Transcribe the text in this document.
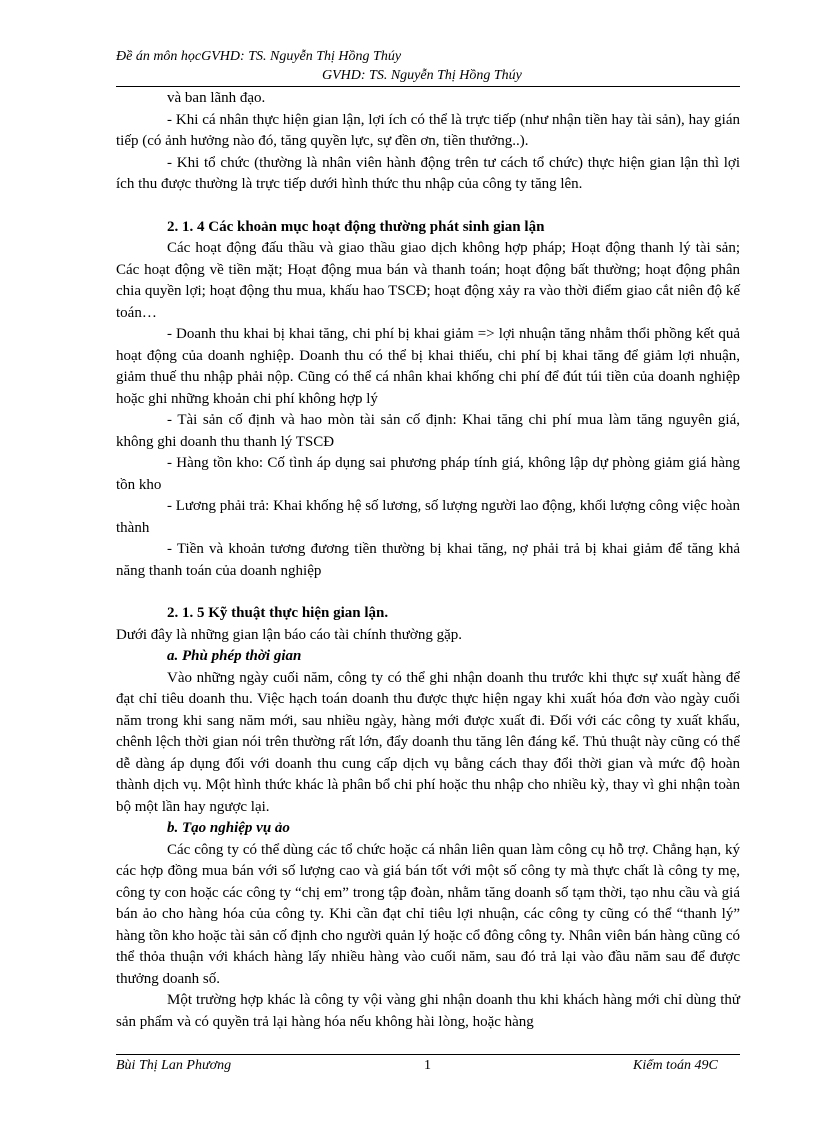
Đề án môn họcGVHD: TS. Nguyễn Thị Hồng Thúy
GVHD: TS. Nguyễn Thị Hồng Thúy

và ban lãnh đạo.

- Khi cá nhân thực hiện gian lận, lợi ích có thể là trực tiếp (như nhận tiền hay tài sản), hay gián tiếp (có ảnh hưởng nào đó, tăng quyền lực, sự đền ơn, tiền thưởng..).

- Khi tổ chức (thường là nhân viên hành động trên tư cách tổ chức) thực hiện gian lận thì lợi ích thu được thường là trực tiếp dưới hình thức thu nhập của công ty tăng lên.

2. 1. 4 Các khoản mục hoạt động thường phát sinh gian lận

Các hoạt động đấu thầu và giao thầu giao dịch không hợp pháp; Hoạt động thanh lý tài sản; Các hoạt động về tiền mặt; Hoạt động mua bán và thanh toán; hoạt động bất thường; hoạt động phân chia quyền lợi; hoạt động thu mua, khấu hao TSCĐ; hoạt động xảy ra vào thời điểm giao cắt niên độ kế toán…

- Doanh thu khai bị khai tăng, chi phí bị khai giảm => lợi nhuận tăng nhằm thổi phồng kết quả hoạt động của doanh nghiệp. Doanh thu có thể bị khai thiếu, chi phí bị khai tăng để giảm lợi nhuận, giảm thuế thu nhập phải nộp. Cũng có thể cá nhân khai khống chi phí để đút túi tiền của doanh nghiệp hoặc ghi những khoản chi phí không hợp lý

- Tài sản cố định và hao mòn tài sản cố định: Khai tăng chi phí mua làm tăng nguyên giá, không ghi doanh thu thanh lý TSCĐ

- Hàng tồn kho: Cố tình áp dụng sai phương pháp tính giá, không lập dự phòng giảm giá hàng tồn kho

- Lương phải trả: Khai khống hệ số lương, số lượng người lao động, khối lượng công việc hoàn thành

- Tiền và khoản tương đương tiền thường bị khai tăng, nợ phải trả bị khai giảm để tăng khả năng thanh toán của doanh nghiệp

2. 1. 5 Kỹ thuật thực hiện gian lận.

Dưới đây là những gian lận báo cáo tài chính thường gặp.

a. Phù phép thời gian

Vào những ngày cuối năm, công ty có thể ghi nhận doanh thu trước khi thực sự xuất hàng để đạt chỉ tiêu doanh thu. Việc hạch toán doanh thu được thực hiện ngay khi xuất hóa đơn vào ngày cuối năm trong khi sang năm mới, sau nhiều ngày, hàng mới được xuất đi. Đối với các công ty xuất khẩu, chênh lệch thời gian nói trên thường rất lớn, đẩy doanh thu tăng lên đáng kể. Thủ thuật này cũng có thể dễ dàng áp dụng đối với doanh thu cung cấp dịch vụ bằng cách thay đổi thời gian và mức độ hoàn thành dịch vụ. Một hình thức khác là phân bổ chi phí hoặc thu nhập cho nhiều kỳ, thay vì ghi nhận toàn bộ một lần hay ngược lại.

b. Tạo nghiệp vụ ảo

Các công ty có thể dùng các tổ chức hoặc cá nhân liên quan làm công cụ hỗ trợ. Chẳng hạn, ký các hợp đồng mua bán với số lượng cao và giá bán tốt với một số công ty mà thực chất là công ty mẹ, công ty con hoặc các công ty “chị em” trong tập đoàn, nhằm tăng doanh số tạm thời, tạo nhu cầu và giá bán ảo cho hàng hóa của công ty. Khi cần đạt chỉ tiêu lợi nhuận, các công ty cũng có thể “thanh lý” hàng tồn kho hoặc tài sản cố định cho người quản lý hoặc cổ đông công ty. Nhân viên bán hàng cũng có thể thỏa thuận với khách hàng lấy nhiều hàng vào cuối năm, sau đó trả lại vào đầu năm sau để được thưởng doanh số.

Một trường hợp khác là công ty vội vàng ghi nhận doanh thu khi khách hàng mới chỉ dùng thử sản phẩm và có quyền trả lại hàng hóa nếu không hài lòng, hoặc hàng

Bùi Thị Lan Phương	1	Kiểm toán 49C
